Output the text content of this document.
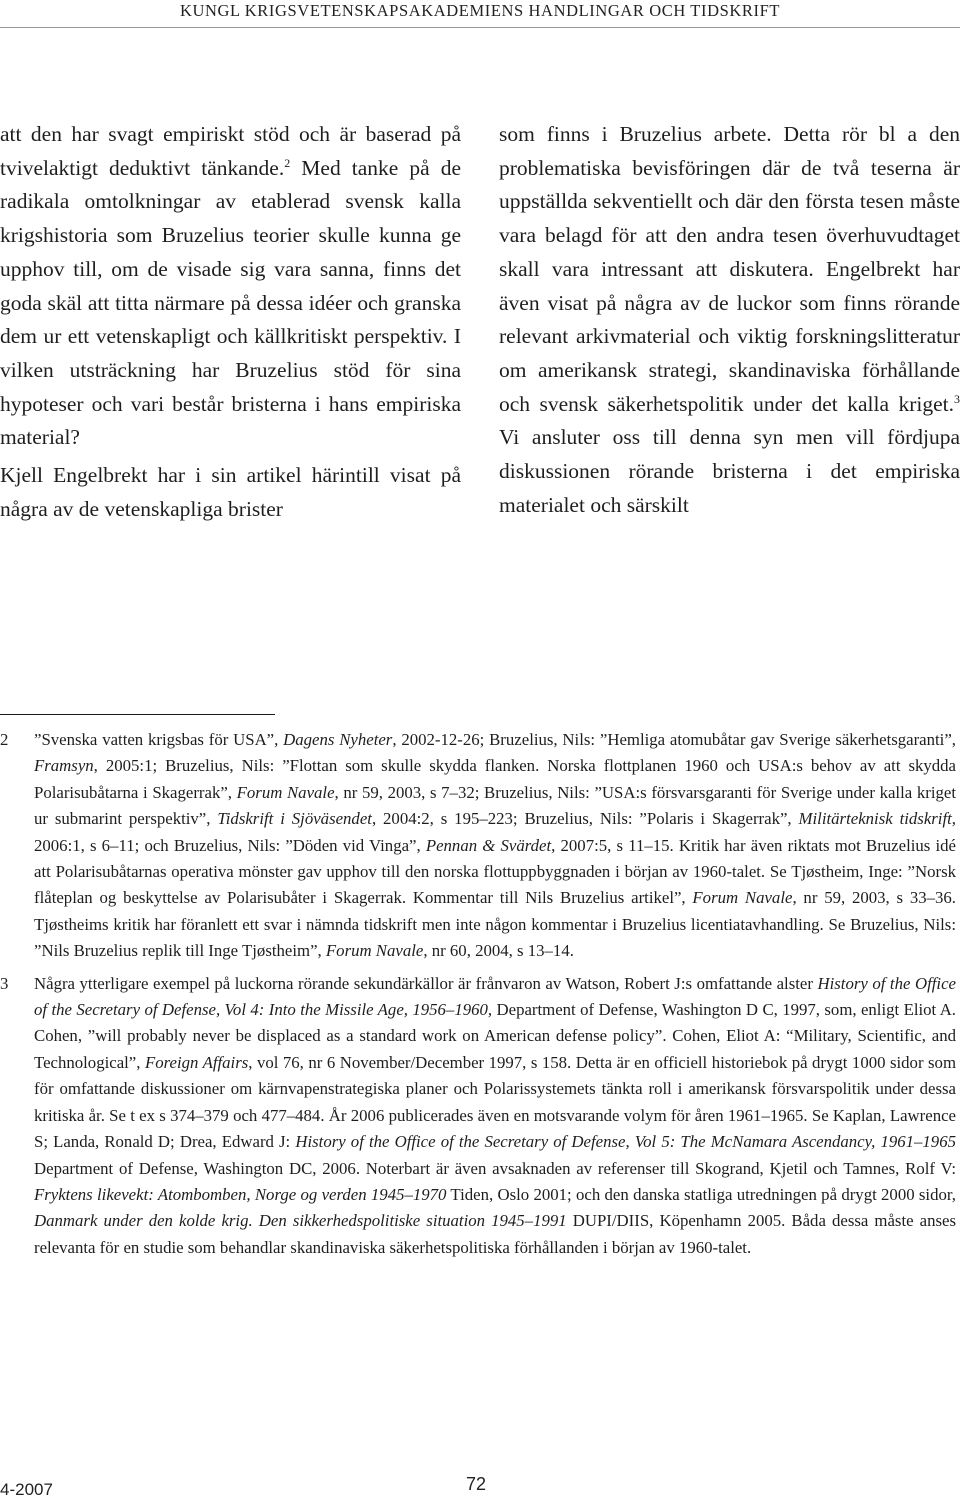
KUNGL KRIGSVETENSKAPSAKADEMIENS HANDLINGAR OCH TIDSKRIFT

att den har svagt empiriskt stöd och är baserad på tvivelaktigt deduktivt tänkande.$^2$ Med tanke på de radikala omtolkningar av etablerad svensk kalla krigshistoria som Bruzelius teorier skulle kunna ge upphov till, om de visade sig vara sanna, finns det goda skäl att titta närmare på dessa idéer och granska dem ur ett vetenskapligt och källkritiskt perspektiv. I vilken utsträckning har Bruzelius stöd för sina hypoteser och vari består bristerna i hans empiriska material?

Kjell Engelbrekt har i sin artikel härintill visat på några av de vetenskapliga brister

som finns i Bruzelius arbete. Detta rör bl a den problematiska bevisföringen där de två teserna är uppställda sekventiellt och där den första tesen måste vara belagd för att den andra tesen överhuvudtaget skall vara intressant att diskutera. Engelbrekt har även visat på några av de luckor som finns rörande relevant arkivmaterial och viktig forskningslitteratur om amerikansk strategi, skandinaviska förhållande och svensk säkerhetspolitik under det kalla kriget.$^3$ Vi ansluter oss till denna syn men vill fördjupa diskussionen rörande bristerna i det empiriska materialet och särskilt

2 ”Svenska vatten krigsbas för USA”, Dagens Nyheter, 2002-12-26; Bruzelius, Nils: ”Hemliga atomubåtar gav Sverige säkerhetsgaranti”, Framsyn, 2005:1; Bruzelius, Nils: ”Flottan som skulle skydda flanken. Norska flottplanen 1960 och USA:s behov av att skydda Polarisubåtarna i Skagerrak”, Forum Navale, nr 59, 2003, s 7–32; Bruzelius, Nils: ”USA:s försvarsgaranti för Sverige under kalla kriget ur submarint perspektiv”, Tidskrift i Sjöväsendet, 2004:2, s 195–223; Bruzelius, Nils: ”Polaris i Skagerrak”, Militärteknisk tidskrift, 2006:1, s 6–11; och Bruzelius, Nils: ”Döden vid Vinga”, Pennan & Svärdet, 2007:5, s 11–15. Kritik har även riktats mot Bruzelius idé att Polarisubåtarnas operativa mönster gav upphov till den norska flottuppbyggnaden i början av 1960-talet. Se Tjøstheim, Inge: ”Norsk flåteplan og beskyttelse av Polarisubåter i Skagerrak. Kommentar till Nils Bruzelius artikel”, Forum Navale, nr 59, 2003, s 33–36. Tjøstheims kritik har föranlett ett svar i nämnda tidskrift men inte någon kommentar i Bruzelius licentiatavhandling. Se Bruzelius, Nils: ”Nils Bruzelius replik till Inge Tjøstheim”, Forum Navale, nr 60, 2004, s 13–14.

3 Några ytterligare exempel på luckorna rörande sekundärkällor är frånvaron av Watson, Robert J:s omfattande alster History of the Office of the Secretary of Defense, Vol 4: Into the Missile Age, 1956–1960, Department of Defense, Washington D C, 1997, som, enligt Eliot A. Cohen, ”will probably never be displaced as a standard work on American defense policy”. Cohen, Eliot A: “Military, Scientific, and Technological”, Foreign Affairs, vol 76, nr 6 November/December 1997, s 158. Detta är en officiell historiebok på drygt 1000 sidor som för omfattande diskussioner om kärnvapenstrategiska planer och Polarissystemets tänkta roll i amerikansk försvarspolitik under dessa kritiska år. Se t ex s 374–379 och 477–484. År 2006 publicerades även en motsvarande volym för åren 1961–1965. Se Kaplan, Lawrence S; Landa, Ronald D; Drea, Edward J: History of the Office of the Secretary of Defense, Vol 5: The McNamara Ascendancy, 1961–1965 Department of Defense, Washington DC, 2006. Noterbart är även avsaknaden av referenser till Skogrand, Kjetil och Tamnes, Rolf V: Fryktens likevekt: Atombomben, Norge og verden 1945–1970 Tiden, Oslo 2001; och den danska statliga utredningen på drygt 2000 sidor, Danmark under den kolde krig. Den sikkerhedspolitiske situation 1945–1991 DUPI/DIIS, Köpenhamn 2005. Båda dessa måste anses relevanta för en studie som behandlar skandinaviska säkerhetspolitiska förhållanden i början av 1960-talet.

4-2007	72
